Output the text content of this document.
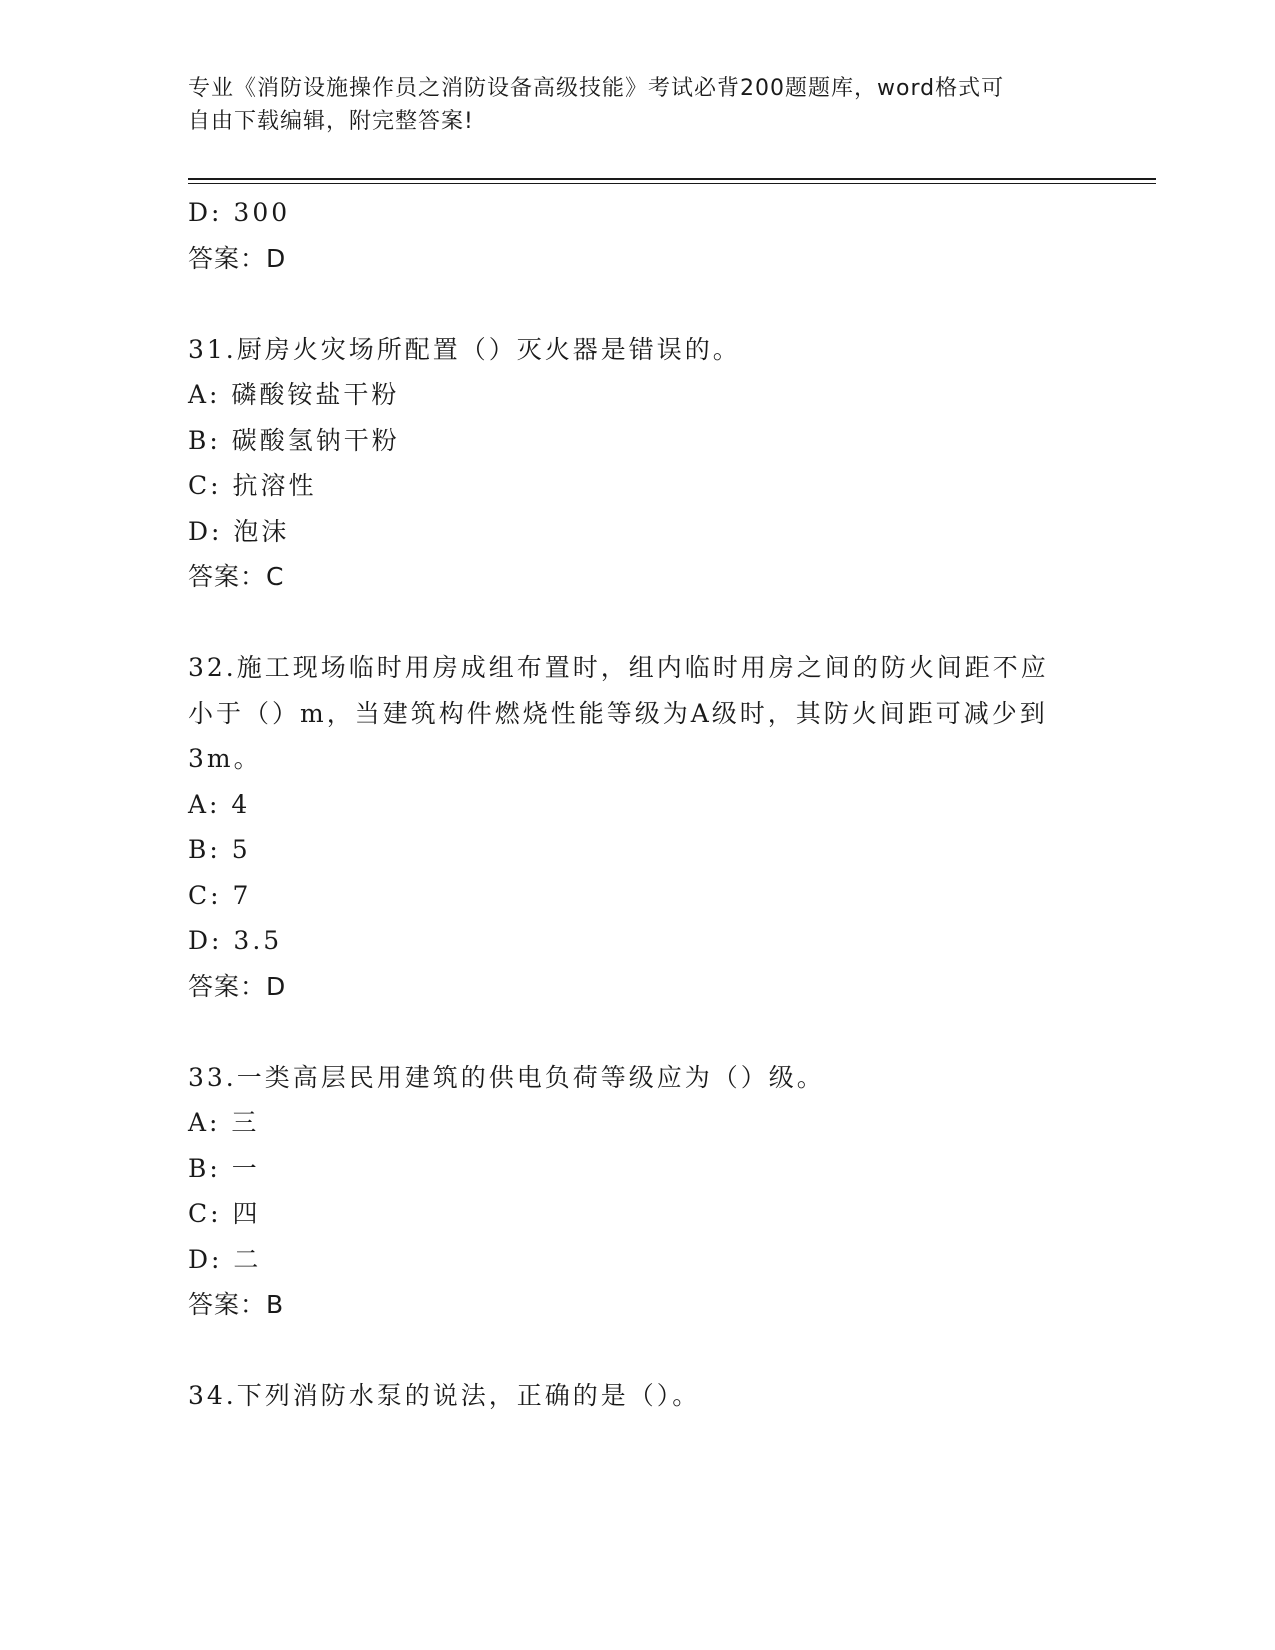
专业《消防设施操作员之消防设备高级技能》考试必背200题题库，word格式可
自由下载编辑，附完整答案!
D: 300
答案：D
31.厨房火灾场所配置（）灭火器是错误的。
A: 磷酸铵盐干粉
B: 碳酸氢钠干粉
C: 抗溶性
D: 泡沫
答案：C
32.施工现场临时用房成组布置时，组内临时用房之间的防火间距不应
小于（）m，当建筑构件燃烧性能等级为A级时，其防火间距可减少到
3m。
A: 4
B: 5
C: 7
D: 3.5
答案：D
33.一类高层民用建筑的供电负荷等级应为（）级。
A: 三
B: 一
C: 四
D: 二
答案：B
34.下列消防水泵的说法，正确的是（）。
